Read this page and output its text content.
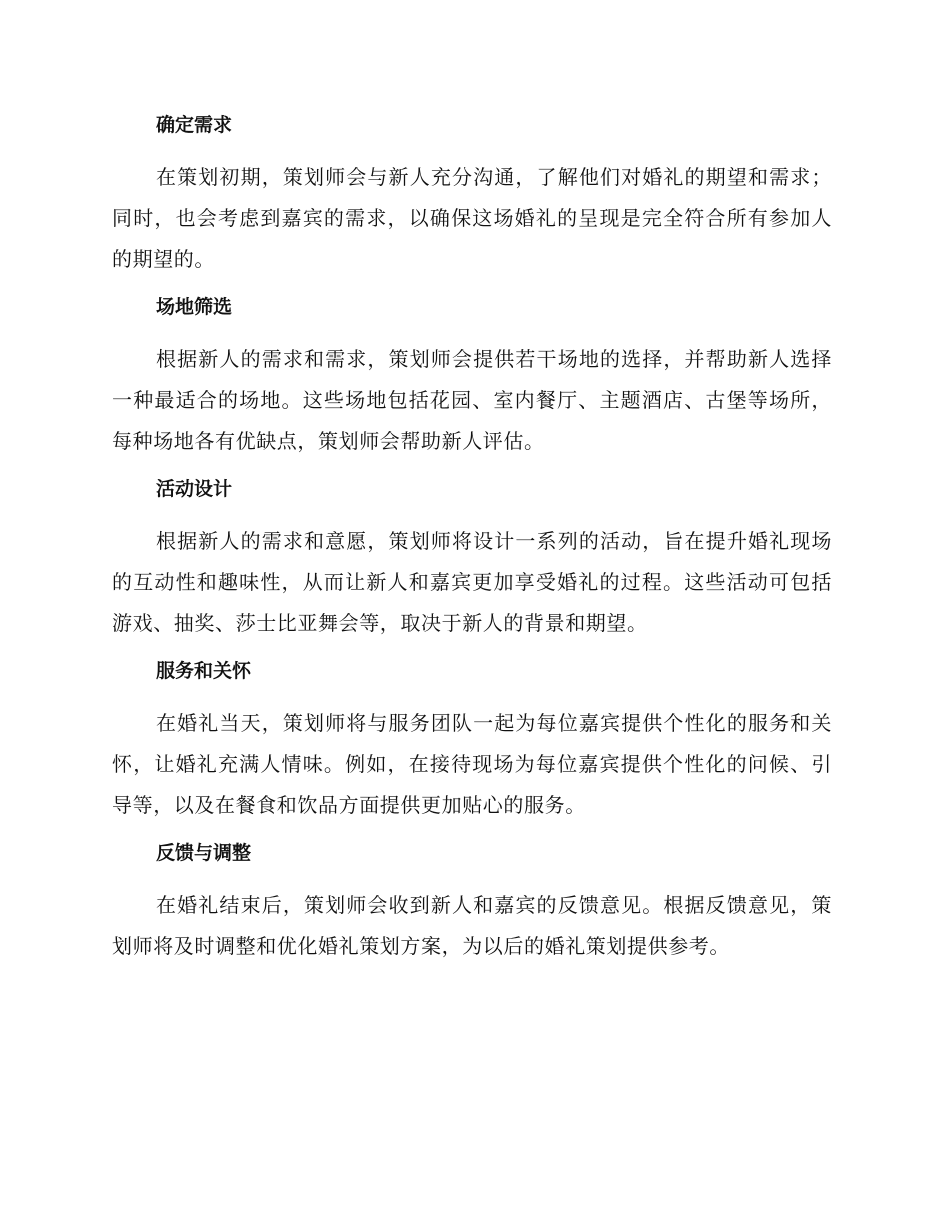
确定需求

在策划初期，策划师会与新人充分沟通，了解他们对婚礼的期望和需求；同时，也会考虑到嘉宾的需求，以确保这场婚礼的呈现是完全符合所有参加人的期望的。

场地筛选

根据新人的需求和需求，策划师会提供若干场地的选择，并帮助新人选择一种最适合的场地。这些场地包括花园、室内餐厅、主题酒店、古堡等场所，每种场地各有优缺点，策划师会帮助新人评估。

活动设计

根据新人的需求和意愿，策划师将设计一系列的活动，旨在提升婚礼现场的互动性和趣味性，从而让新人和嘉宾更加享受婚礼的过程。这些活动可包括游戏、抽奖、莎士比亚舞会等，取决于新人的背景和期望。

服务和关怀

在婚礼当天，策划师将与服务团队一起为每位嘉宾提供个性化的服务和关怀，让婚礼充满人情味。例如，在接待现场为每位嘉宾提供个性化的问候、引导等，以及在餐食和饮品方面提供更加贴心的服务。

反馈与调整

在婚礼结束后，策划师会收到新人和嘉宾的反馈意见。根据反馈意见，策划师将及时调整和优化婚礼策划方案，为以后的婚礼策划提供参考。
